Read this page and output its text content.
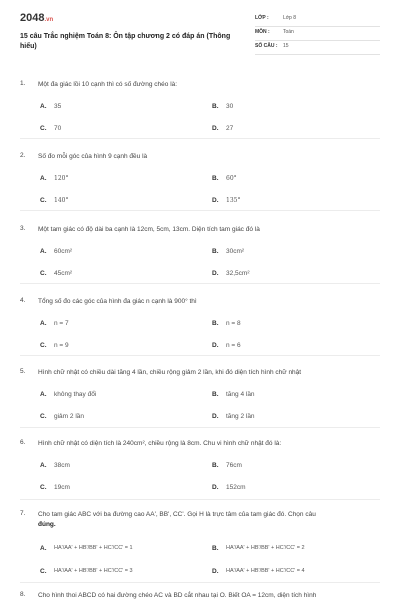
2048.vn
15 câu Trắc nghiệm Toán 8: Ôn tập chương 2 có đáp án (Thông hiểu)
LỚP :	Lớp 8
MÔN :	Toán
SỐ CÂU : 15
1. Một đa giác lồi 10 cạnh thì có số đường chéo là:
A. 35	B. 30
C. 70	D. 27
2. Số đo mỗi góc của hình 9 cạnh đều là
A. 120°	B. 60°
C. 140°	D. 135°
3. Một tam giác có độ dài ba cạnh là 12cm, 5cm, 13cm. Diện tích tam giác đó là
A. 60cm²	B. 30cm²
C. 45cm²	D. 32,5cm²
4. Tổng số đo các góc của hình đa giác n cạnh là 900° thì
A. n = 7	B. n = 8
C. n = 9	D. n = 6
5. Hình chữ nhật có chiều dài tăng 4 lần, chiều rộng giảm 2 lần, khi đó diện tích hình chữ nhật
A. không thay đổi	B. tăng 4 lần
C. giảm 2 lần	D. tăng 2 lần
6. Hình chữ nhật có diện tích là 240cm², chiều rộng là 8cm. Chu vi hình chữ nhật đó là:
A. 38cm	B. 76cm
C. 19cm	D. 152cm
7. Cho tam giác ABC với ba đường cao AA', BB', CC'. Gọi H là trực tâm của tam giác đó. Chọn câu
đúng.
A. HA'/AA' + HB'/BB' + HC'/CC' = 1	B. HA'/AA' + HB'/BB' + HC'/CC' = 2
C. HA'/AA' + HB'/BB' + HC'/CC' = 3	D. HA'/AA' + HB'/BB' + HC'/CC' = 4
8. Cho hình thoi ABCD có hai đường chéo AC và BD cắt nhau tại O. Biết OA = 12cm, diện tích hình
